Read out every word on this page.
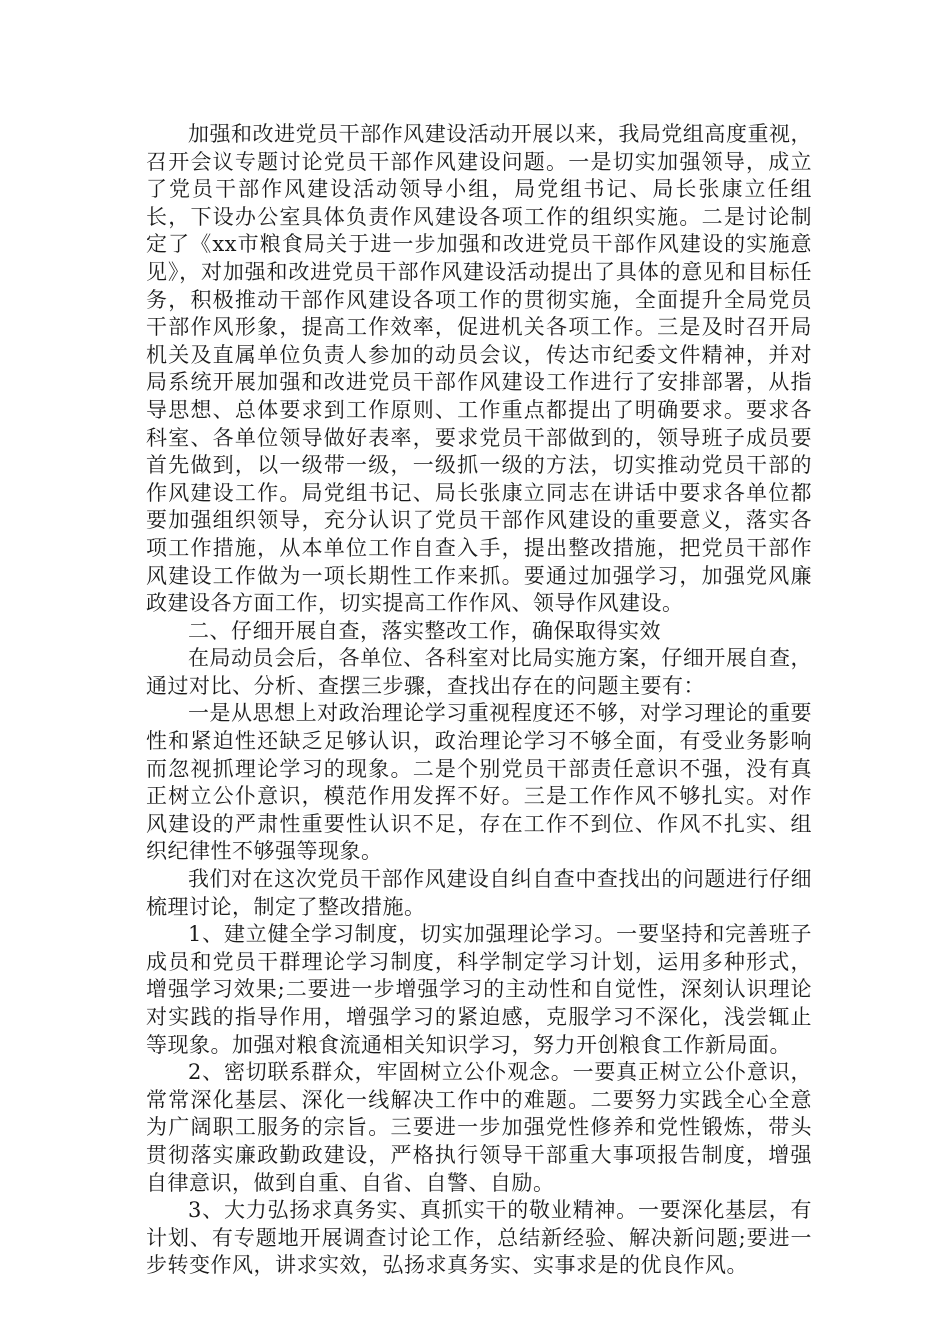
加强和改进党员干部作风建设活动开展以来，我局党组高度重视，召开会议专题讨论党员干部作风建设问题。一是切实加强领导，成立了党员干部作风建设活动领导小组，局党组书记、局长张康立任组长，下设办公室具体负责作风建设各项工作的组织实施。二是讨论制定了《xx市粮食局关于进一步加强和改进党员干部作风建设的实施意见》，对加强和改进党员干部作风建设活动提出了具体的意见和目标任务，积极推动干部作风建设各项工作的贯彻实施，全面提升全局党员干部作风形象，提高工作效率，促进机关各项工作。三是及时召开局机关及直属单位负责人参加的动员会议，传达市纪委文件精神，并对局系统开展加强和改进党员干部作风建设工作进行了安排部署，从指导思想、总体要求到工作原则、工作重点都提出了明确要求。要求各科室、各单位领导做好表率，要求党员干部做到的，领导班子成员要首先做到，以一级带一级，一级抓一级的方法，切实推动党员干部的作风建设工作。局党组书记、局长张康立同志在讲话中要求各单位都要加强组织领导，充分认识了党员干部作风建设的重要意义，落实各项工作措施，从本单位工作自查入手，提出整改措施，把党员干部作风建设工作做为一项长期性工作来抓。要通过加强学习，加强党风廉政建设各方面工作，切实提高工作作风、领导作风建设。

二、仔细开展自查，落实整改工作，确保取得实效

在局动员会后，各单位、各科室对比局实施方案，仔细开展自查，通过对比、分析、查摆三步骤，查找出存在的问题主要有：

一是从思想上对政治理论学习重视程度还不够，对学习理论的重要性和紧迫性还缺乏足够认识，政治理论学习不够全面，有受业务影响而忽视抓理论学习的现象。二是个别党员干部责任意识不强，没有真正树立公仆意识，模范作用发挥不好。三是工作作风不够扎实。对作风建设的严肃性重要性认识不足，存在工作不到位、作风不扎实、组织纪律性不够强等现象。

我们对在这次党员干部作风建设自纠自查中查找出的问题进行仔细梳理讨论，制定了整改措施。

1、建立健全学习制度，切实加强理论学习。一要坚持和完善班子成员和党员干群理论学习制度，科学制定学习计划，运用多种形式，增强学习效果;二要进一步增强学习的主动性和自觉性，深刻认识理论对实践的指导作用，增强学习的紧迫感，克服学习不深化，浅尝辄止等现象。加强对粮食流通相关知识学习，努力开创粮食工作新局面。

2、密切联系群众，牢固树立公仆观念。一要真正树立公仆意识，常常深化基层、深化一线解决工作中的难题。二要努力实践全心全意为广阔职工服务的宗旨。三要进一步加强党性修养和党性锻炼，带头贯彻落实廉政勤政建设，严格执行领导干部重大事项报告制度，增强自律意识，做到自重、自省、自警、自励。

3、大力弘扬求真务实、真抓实干的敬业精神。一要深化基层，有计划、有专题地开展调查讨论工作，总结新经验、解决新问题;要进一步转变作风，讲求实效，弘扬求真务实、实事求是的优良作风。
